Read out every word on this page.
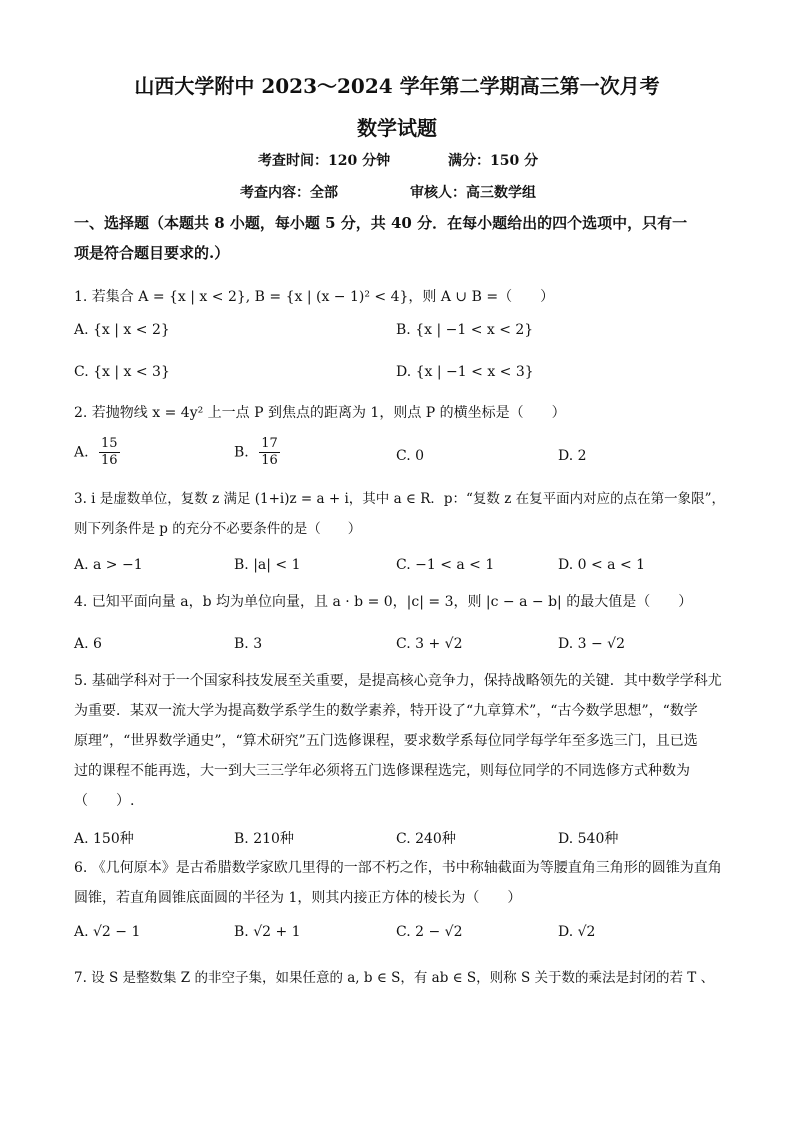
山西大学附中 2023～2024 学年第二学期高三第一次月考
数学试题
考查时间：120 分钟	满分：150 分
考查内容：全部	审核人：高三数学组
一、选择题（本题共 8 小题，每小题 5 分，共 40 分．在每小题给出的四个选项中，只有一
项是符合题目要求的.）
1. 若集合 A = {x | x < 2}, B = {x | (x − 1)² < 4}，则 A ∪ B =（　　）
A. {x | x < 2}	B. {x | −1 < x < 2}
C. {x | x < 3}	D. {x | −1 < x < 3}
2. 若抛物线 x = 4y² 上一点 P 到焦点的距离为 1，则点 P 的横坐标是（　　）
A. $\frac{15}{16}$	B. $\frac{17}{16}$	C. 0	D. 2
3. i 是虚数单位，复数 z 满足 (1+i)z = a + i，其中 a ∈ R．p：“复数 z 在复平面内对应的点在第一象限”，
则下列条件是 p 的充分不必要条件的是（　　）
A. a > −1	B. |a| < 1	C. −1 < a < 1	D. 0 < a < 1
4. 已知平面向量 a，b 均为单位向量，且 a · b = 0，|c| = 3，则 |c − a − b| 的最大值是（　　）
A. 6	B. 3	C. 3 + √2	D. 3 − √2
5. 基础学科对于一个国家科技发展至关重要，是提高核心竞争力，保持战略领先的关键．其中数学学科尤
为重要．某双一流大学为提高数学系学生的数学素养，特开设了“九章算术”，“古今数学思想”，“数学
原理”，“世界数学通史”，“算术研究”五门选修课程，要求数学系每位同学每学年至多选三门，且已选
过的课程不能再选，大一到大三三学年必须将五门选修课程选完，则每位同学的不同选修方式种数为
（　　）.
A. 150种	B. 210种	C. 240种	D. 540种
6. 《几何原本》是古希腊数学家欧几里得的一部不朽之作，书中称轴截面为等腰直角三角形的圆锥为直角
圆锥，若直角圆锥底面圆的半径为 1，则其内接正方体的棱长为（　　）
A. √2 − 1	B. √2 + 1	C. 2 − √2	D. √2
7. 设 S 是整数集 Z 的非空子集，如果任意的 a, b ∈ S，有 ab ∈ S，则称 S 关于数的乘法是封闭的若 T 、
